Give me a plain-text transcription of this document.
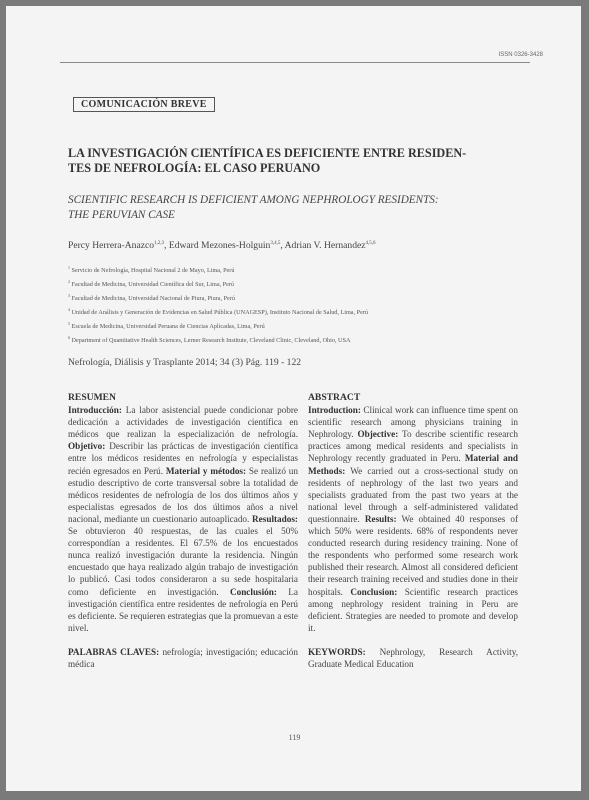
ISSN 0326-3428
COMUNICACIÓN BREVE
LA INVESTIGACIÓN CIENTÍFICA ES DEFICIENTE ENTRE RESIDEN-
TES DE NEFROLOGÍA: EL CASO PERUANO
SCIENTIFIC RESEARCH IS DEFICIENT AMONG NEPHROLOGY RESIDENTS:
THE PERUVIAN CASE
Percy Herrera-Anazco$^{1,2,3}$, Edward Mezones-Holguin$^{3,4,5}$, Adrian V. Hernandez$^{4,5,6}$
$^1$ Servicio de Nefrología, Hospital Nacional 2 de Mayo, Lima, Perú
$^2$ Facultad de Medicina, Universidad Científica del Sur, Lima, Perú
$^3$ Facultad de Medicina, Universidad Nacional de Piura, Piura, Perú
$^4$ Unidad de Análisis y Generación de Evidencias en Salud Pública (UNAGESP), Instituto Nacional de Salud, Lima, Perú
$^5$ Escuela de Medicina, Universidad Peruana de Ciencias Aplicadas, Lima, Perú
$^6$ Department of Quantitative Health Sciences, Lerner Research Institute, Cleveland Clinic, Cleveland, Ohio, USA
Nefrología, Diálisis y Trasplante 2014; 34 (3) Pág. 119 - 122
RESUMEN
Introducción: La labor asistencial puede condicionar pobre dedicación a actividades de investigación científica en médicos que realizan la especialización de nefrología. Objetivo: Describir las prácticas de investigación científica entre los médicos residentes en nefrología y especialistas recién egresados en Perú. Material y métodos: Se realizó un estudio descriptivo de corte transversal sobre la totalidad de médicos residentes de nefrología de los dos últimos años y especialistas egresados de los dos últimos años a nivel nacional, mediante un cuestionario autoaplicado. Resultados: Se obtuvieron 40 respuestas, de las cuales el 50% correspondían a residentes. El 67.5% de los encuestados nunca realizó investigación durante la residencia. Ningún encuestado que haya realizado algún trabajo de investigación lo publicó. Casi todos consideraron a su sede hospitalaria como deficiente en investigación. Conclusión: La investigación científica entre residentes de nefrología en Perú es deficiente. Se requieren estrategias que la promuevan a este nivel.
PALABRAS CLAVES: nefrología; investigación; educación médica
ABSTRACT
Introduction: Clinical work can influence time spent on scientific research among physicians training in Nephrology. Objective: To describe scientific research practices among medical residents and specialists in Nephrology recently graduated in Peru. Material and Methods: We carried out a cross-sectional study on residents of nephrology of the last two years and specialists graduated from the past two years at the national level through a self-administered validated questionnaire. Results: We obtained 40 responses of which 50% were residents. 68% of respondents never conducted research during residency training. None of the respondents who performed some research work published their research. Almost all considered deficient their research training received and studies done in their hospitals. Conclusion: Scientific research practices among nephrology resident training in Peru are deficient. Strategies are needed to promote and develop it.
KEYWORDS: Nephrology, Research Activity, Graduate Medical Education
119
